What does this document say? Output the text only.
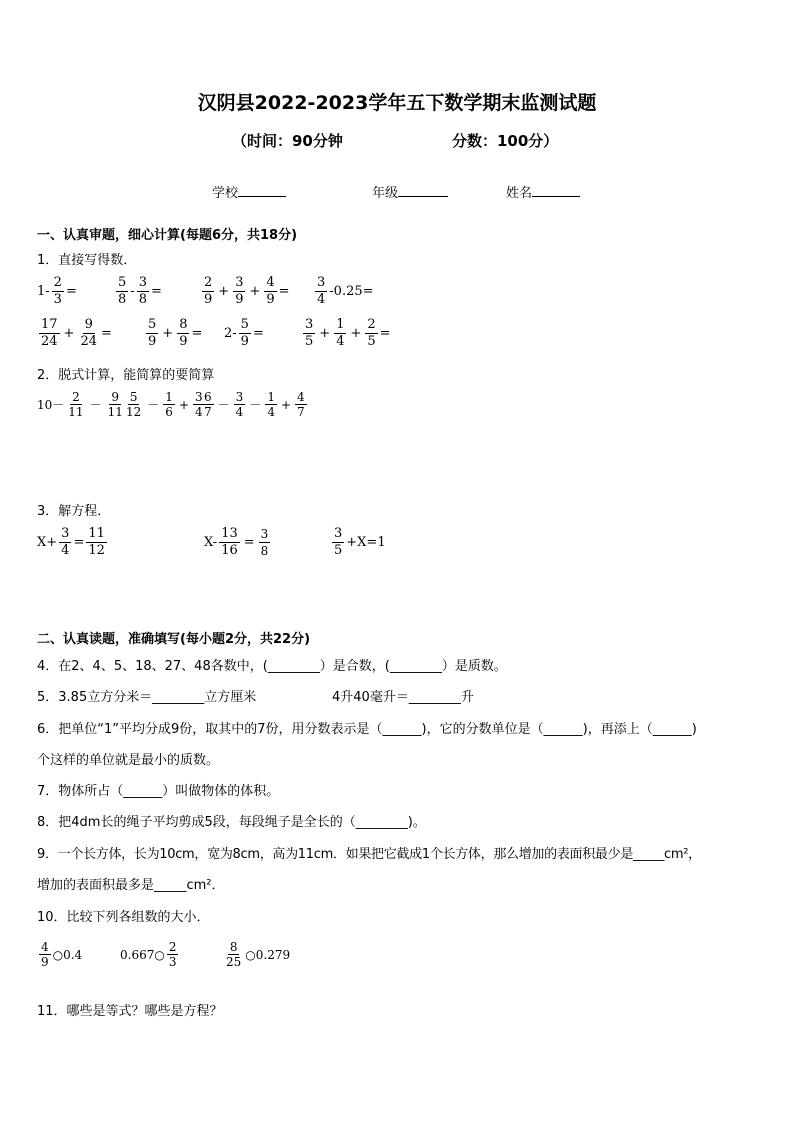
汉阴县2022-2023学年五下数学期末监测试题
（时间：90分钟	分数：100分）
学校	年级	姓名
一、认真审题，细心计算(每题6分，共18分)
1．直接写得数．
$1- \frac{2}{3}$ =	$\frac{5}{8} - \frac{3}{8}$ =	$\frac{2}{9} + \frac{3}{9} + \frac{4}{9} = \frac{3}{4} -0.25=$
$\frac{17}{24} + \frac{9}{24}$ =	$\frac{5}{9} + \frac{8}{9} = 2- \frac{5}{9}$ =	$\frac{3}{5} + \frac{1}{4} + \frac{2}{5}$ =
2．脱式计算，能简算的要简算
$10- \frac{2}{11} - \frac{9}{11} \frac{5}{12} - \frac{1}{6} + \frac{3}{4}$
$\frac{6}{7} - \frac{3}{4} - \frac{1}{4} + \frac{4}{7}$
3．解方程．
$X+ \frac{3}{4} = \frac{11}{12}$	$X- \frac{13}{16} = \frac{3}{8}$	$\frac{3}{5} +X=1$
二、认真读题，准确填写(每小题2分，共22分)
4．在2、4、5、18、27、48各数中，(________）是合数，(________）是质数。
5．3.85立方分米＝________立方厘米	4升40毫升＝________升
6．把单位“1”平均分成9份，取其中的7份，用分数表示是（______)，它的分数单位是（______)，再添上（______)
个这样的单位就是最小的质数。
7．物体所占（______）叫做物体的体积。
8．把4dm长的绳子平均剪成5段，每段绳子是全长的（________)。
9．一个长方体，长为10cm，宽为8cm，高为11cm．如果把它截成1个长方体，那么增加的表面积最少是_____cm²，
增加的表面积最多是_____cm²．
10．比较下列各组数的大小．
$\frac{4}{9}$ ○0.4	0.667○ $\frac{2}{3}$	$\frac{8}{25}$ ○0.279
11．哪些是等式？哪些是方程？
